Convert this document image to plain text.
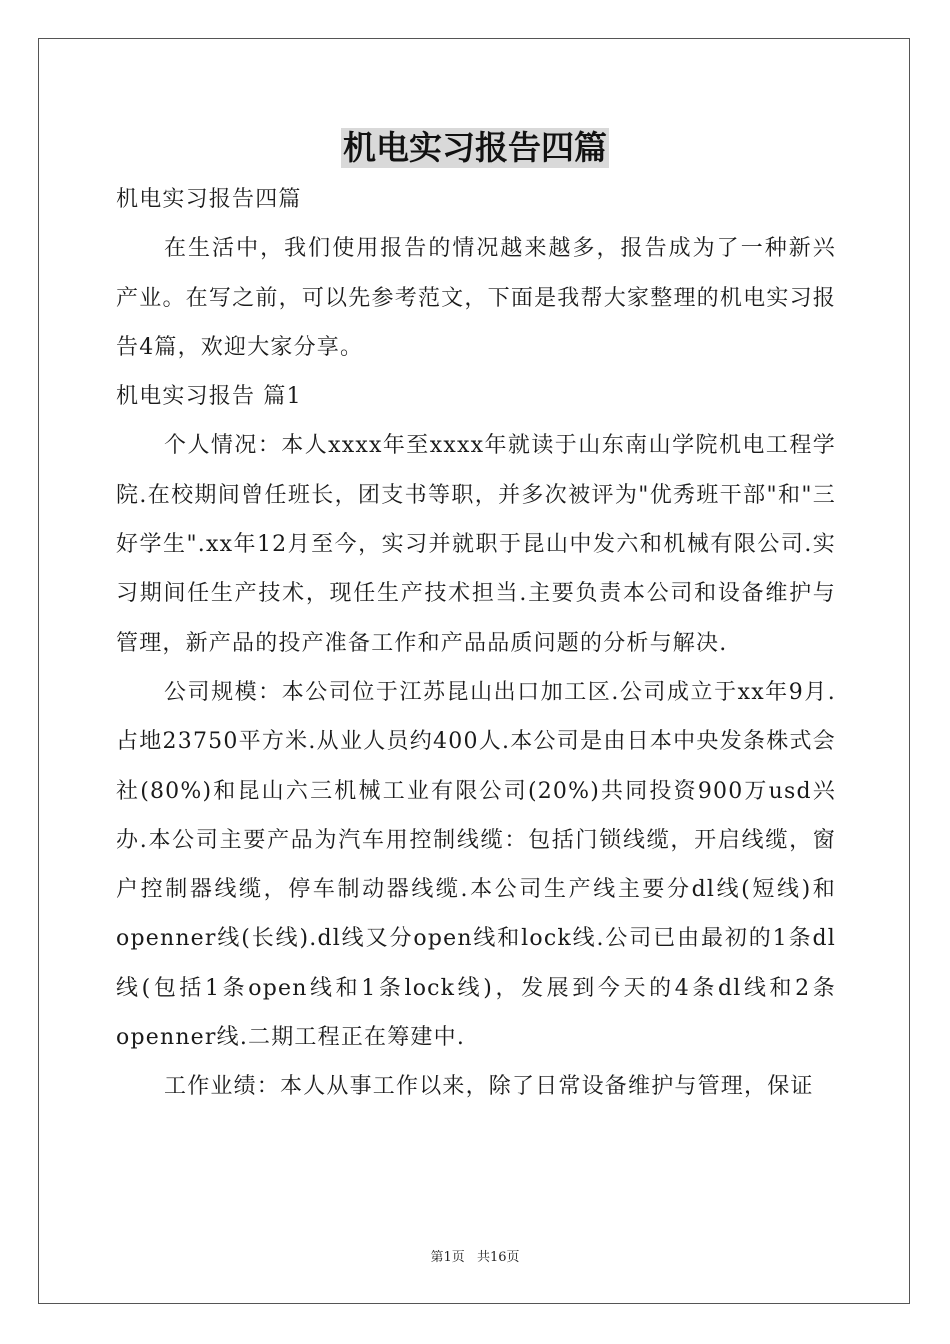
机电实习报告四篇

机电实习报告四篇

在生活中，我们使用报告的情况越来越多，报告成为了一种新兴产业。在写之前，可以先参考范文，下面是我帮大家整理的机电实习报告4篇，欢迎大家分享。

机电实习报告 篇1

个人情况：本人xxxx年至xxxx年就读于山东南山学院机电工程学院.在校期间曾任班长，团支书等职，并多次被评为"优秀班干部"和"三好学生".xx年12月至今，实习并就职于昆山中发六和机械有限公司.实习期间任生产技术，现任生产技术担当.主要负责本公司和设备维护与管理，新产品的投产准备工作和产品品质问题的分析与解决.

公司规模：本公司位于江苏昆山出口加工区.公司成立于xx年9月.占地23750平方米.从业人员约400人.本公司是由日本中央发条株式会社(80%)和昆山六三机械工业有限公司(20%)共同投资900万usd兴办.本公司主要产品为汽车用控制线缆：包括门锁线缆，开启线缆，窗户控制器线缆，停车制动器线缆.本公司生产线主要分dl线(短线)和openner线(长线).dl线又分open线和lock线.公司已由最初的1条dl线(包括1条open线和1条lock线)，发展到今天的4条dl线和2条openner线.二期工程正在筹建中.

工作业绩：本人从事工作以来，除了日常设备维护与管理，保证

第1页 共16页
